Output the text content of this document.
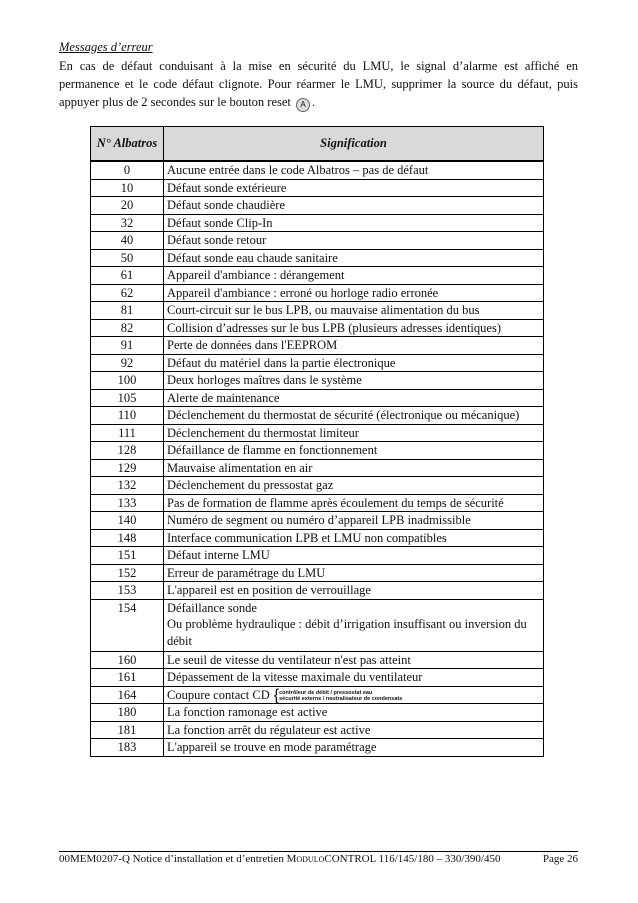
Messages d’erreur
En cas de défaut conduisant à la mise en sécurité du LMU, le signal d’alarme est affiché en permanence et le code défaut clignote. Pour réarmer le LMU, supprimer la source du défaut, puis appuyer plus de 2 secondes sur le bouton reset A .
N° Albatros	Signification
0	Aucune entrée dans le code Albatros – pas de défaut
10	Défaut sonde extérieure
20	Défaut sonde chaudière
32	Défaut sonde Clip-In
40	Défaut sonde retour
50	Défaut sonde eau chaude sanitaire
61	Appareil d'ambiance : dérangement
62	Appareil d'ambiance : erroné ou horloge radio erronée
81	Court-circuit sur le bus LPB, ou mauvaise alimentation du bus
82	Collision d’adresses sur le bus LPB (plusieurs adresses identiques)
91	Perte de données dans l'EEPROM
92	Défaut du matériel dans la partie électronique
100	Deux horloges maîtres dans le système
105	Alerte de maintenance
110	Déclenchement du thermostat de sécurité (électronique ou mécanique)
111	Déclenchement du thermostat limiteur
128	Défaillance de flamme en fonctionnement
129	Mauvaise alimentation en air
132	Déclenchement du pressostat gaz
133	Pas de formation de flamme après écoulement du temps de sécurité
140	Numéro de segment ou numéro d’appareil LPB inadmissible
148	Interface communication LPB et LMU non compatibles
151	Défaut interne LMU
152	Erreur de paramétrage du LMU
153	L'appareil est en position de verrouillage
154	Défaillance sonde
Ou problème hydraulique : débit d’irrigation insuffisant ou inversion du débit

160	Le seuil de vitesse du ventilateur n'est pas atteint
161	Dépassement de la vitesse maximale du ventilateur
164	Coupure contact CD { contrôleur de débit / pressostat eau
sécurité externe / neutralisateur de condensats

180	La fonction ramonage est active
181	La fonction arrêt du régulateur est active
183	L'appareil se trouve en mode paramétrage
00MEM0207-Q Notice d’installation et d’entretien ModuloCONTROL 116/145/180 – 330/390/450	Page 26
